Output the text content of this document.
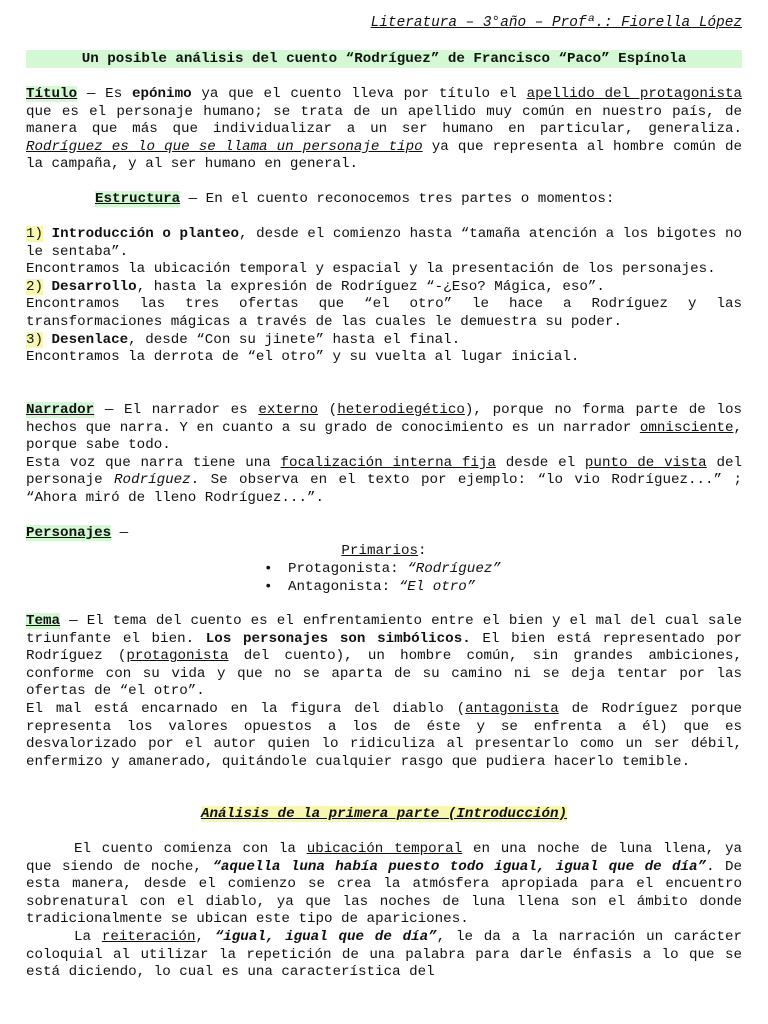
Literatura – 3°año – Profª.: Fiorella López
Un posible análisis del cuento “Rodríguez” de Francisco “Paco” Espínola

Título — Es epónimo ya que el cuento lleva por título el apellido del protagonista que es el personaje humano; se trata de un apellido muy común en nuestro país, de manera que más que individualizar a un ser humano en particular, generaliza. Rodríguez es lo que se llama un personaje tipo ya que representa al hombre común de la campaña, y al ser humano en general.

Estructura — En el cuento reconocemos tres partes o momentos:

1) Introducción o planteo, desde el comienzo hasta “tamaña atención a los bigotes no le sentaba”.

Encontramos la ubicación temporal y espacial y la presentación de los personajes.

2) Desarrollo, hasta la expresión de Rodríguez “-¿Eso? Mágica, eso”.

Encontramos las tres ofertas que “el otro” le hace a Rodríguez y las transformaciones mágicas a través de las cuales le demuestra su poder.

3) Desenlace, desde “Con su jinete” hasta el final.

Encontramos la derrota de “el otro” y su vuelta al lugar inicial.

Narrador — El narrador es externo (heterodiegético), porque no forma parte de los hechos que narra. Y en cuanto a su grado de conocimiento es un narrador omnisciente, porque sabe todo.

Esta voz que narra tiene una focalización interna fija desde el punto de vista del personaje Rodríguez. Se observa en el texto por ejemplo: “lo vio Rodríguez...” ; “Ahora miró de lleno Rodríguez...”.

Personajes —

Primarios:

• Protagonista: “Rodríguez”
• Antagonista: “El otro”

Tema — El tema del cuento es el enfrentamiento entre el bien y el mal del cual sale triunfante el bien. Los personajes son simbólicos. El bien está representado por Rodríguez (protagonista del cuento), un hombre común, sin grandes ambiciones, conforme con su vida y que no se aparta de su camino ni se deja tentar por las ofertas de “el otro”.

El mal está encarnado en la figura del diablo (antagonista de Rodríguez porque representa los valores opuestos a los de éste y se enfrenta a él) que es desvalorizado por el autor quien lo ridiculiza al presentarlo como un ser débil, enfermizo y amanerado, quitándole cualquier rasgo que pudiera hacerlo temible.

Análisis de la primera parte (Introducción)

El cuento comienza con la ubicación temporal en una noche de luna llena, ya que siendo de noche, “aquella luna había puesto todo igual, igual que de día”. De esta manera, desde el comienzo se crea la atmósfera apropiada para el encuentro sobrenatural con el diablo, ya que las noches de luna llena son el ámbito donde tradicionalmente se ubican este tipo de apariciones.

La reiteración, “igual, igual que de día”, le da a la narración un carácter coloquial al utilizar la repetición de una palabra para darle énfasis a lo que se está diciendo, lo cual es una característica del
